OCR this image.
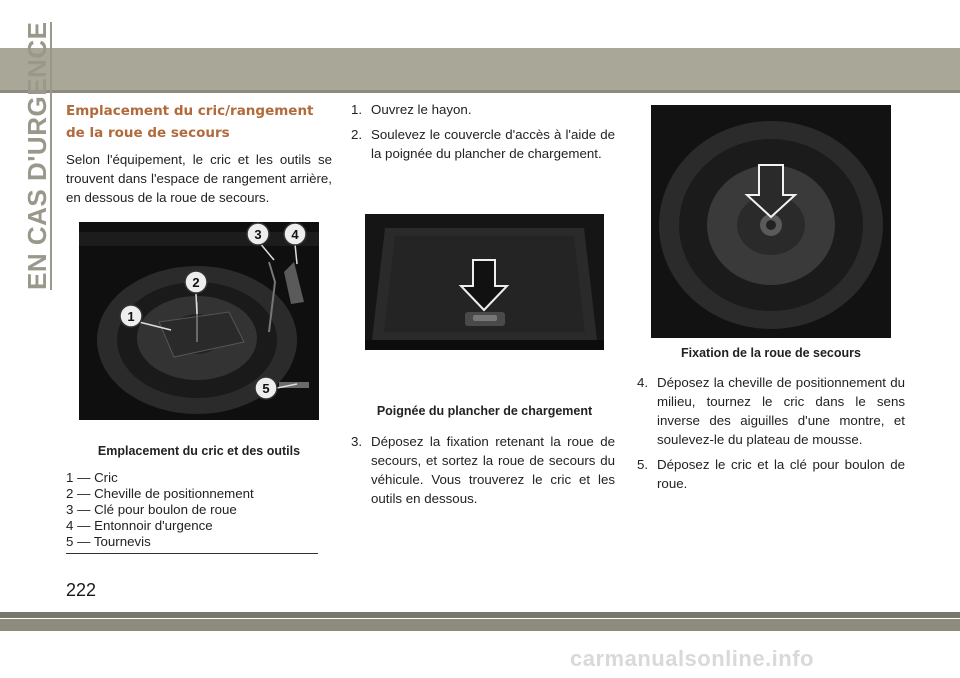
EN CAS D'URGENCE Emplacement du cric/rangement de la roue de secours
Selon l'équipement, le cric et les outils se trouvent dans l'espace de rangement arrière, en dessous de la roue de secours.
1
2
3 4
5
Emplacement du cric et des outils
1 — Cric
2 — Cheville de positionnement
3 — Clé pour boulon de roue
4 — Entonnoir d'urgence
5 — Tournevis
1. Ouvrez le hayon.
2. Soulevez le couvercle d'accès à l'aide de la poignée du plancher de chargement.
Poignée du plancher de chargement
3. Déposez la fixation retenant la roue de secours, et sortez la roue de secours du véhicule. Vous trouverez le cric et les outils en dessous.
Fixation de la roue de secours
4. Déposez la cheville de positionnement du milieu, tournez le cric dans le sens inverse des aiguilles d'une montre, et soulevez-le du plateau de mousse.
5. Déposez le cric et la clé pour boulon de roue.
222
carmanualsonline.info
